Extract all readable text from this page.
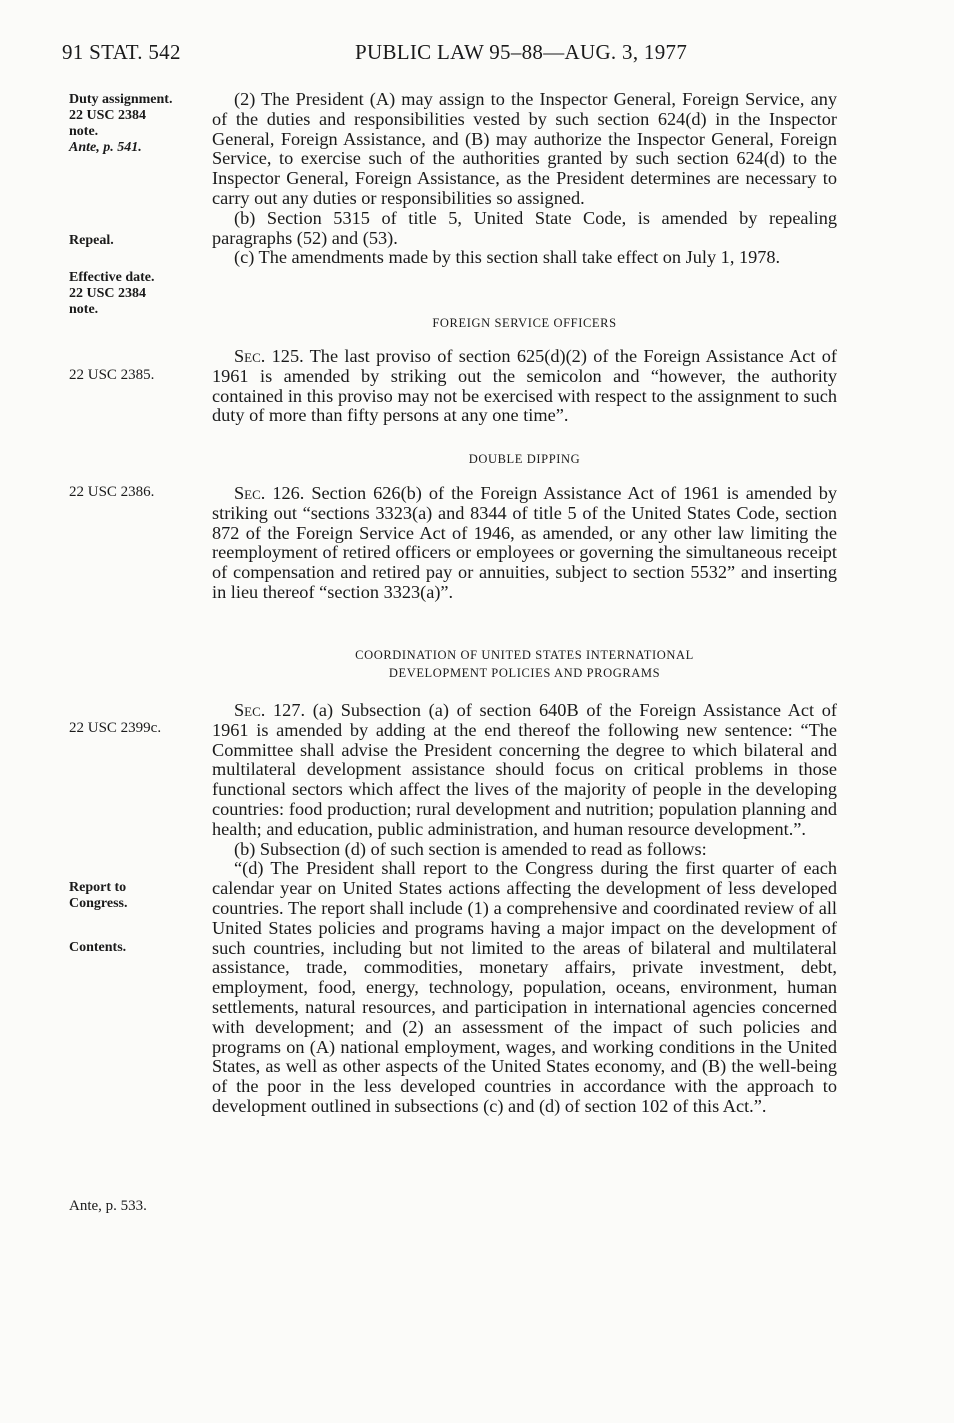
91 STAT. 542	PUBLIC LAW 95–88—AUG. 3, 1977
Duty assignment.
22 USC 2384
note.
Ante, p. 541.
Repeal.
Effective date.
22 USC 2384
note.
22 USC 2385.
22 USC 2386.
22 USC 2399c.
Report to
Congress.
Contents.
Ante, p. 533.

(2) The President (A) may assign to the Inspector General, Foreign Service, any of the duties and responsibilities vested by such section 624(d) in the Inspector General, Foreign Assistance, and (B) may authorize the Inspector General, Foreign Service, to exercise such of the authorities granted by such section 624(d) to the Inspector General, Foreign Assistance, as the President determines are necessary to carry out any duties or responsibilities so assigned.

(b) Section 5315 of title 5, United State Code, is amended by repealing paragraphs (52) and (53).

(c) The amendments made by this section shall take effect on July 1, 1978.

FOREIGN SERVICE OFFICERS

Sec. 125. The last proviso of section 625(d)(2) of the Foreign Assistance Act of 1961 is amended by striking out the semicolon and “however, the authority contained in this proviso may not be exercised with respect to the assignment to such duty of more than fifty persons at any one time”.

DOUBLE DIPPING

Sec. 126. Section 626(b) of the Foreign Assistance Act of 1961 is amended by striking out “sections 3323(a) and 8344 of title 5 of the United States Code, section 872 of the Foreign Service Act of 1946, as amended, or any other law limiting the reemployment of retired officers or employees or governing the simultaneous receipt of compensation and retired pay or annuities, subject to section 5532” and inserting in lieu thereof “section 3323(a)”.

COORDINATION OF UNITED STATES INTERNATIONAL
DEVELOPMENT POLICIES AND PROGRAMS

Sec. 127. (a) Subsection (a) of section 640B of the Foreign Assistance Act of 1961 is amended by adding at the end thereof the following new sentence: “The Committee shall advise the President concerning the degree to which bilateral and multilateral development assistance should focus on critical problems in those functional sectors which affect the lives of the majority of people in the developing countries: food production; rural development and nutrition; population planning and health; and education, public administration, and human resource development.”.

(b) Subsection (d) of such section is amended to read as follows:

“(d) The President shall report to the Congress during the first quarter of each calendar year on United States actions affecting the development of less developed countries. The report shall include (1) a comprehensive and coordinated review of all United States policies and programs having a major impact on the development of such countries, including but not limited to the areas of bilateral and multilateral assistance, trade, commodities, monetary affairs, private investment, debt, employment, food, energy, technology, population, oceans, environment, human settlements, natural resources, and participation in international agencies concerned with development; and (2) an assessment of the impact of such policies and programs on (A) national employment, wages, and working conditions in the United States, as well as other aspects of the United States economy, and (B) the well-being of the poor in the less developed countries in accordance with the approach to development outlined in subsections (c) and (d) of section 102 of this Act.”.
